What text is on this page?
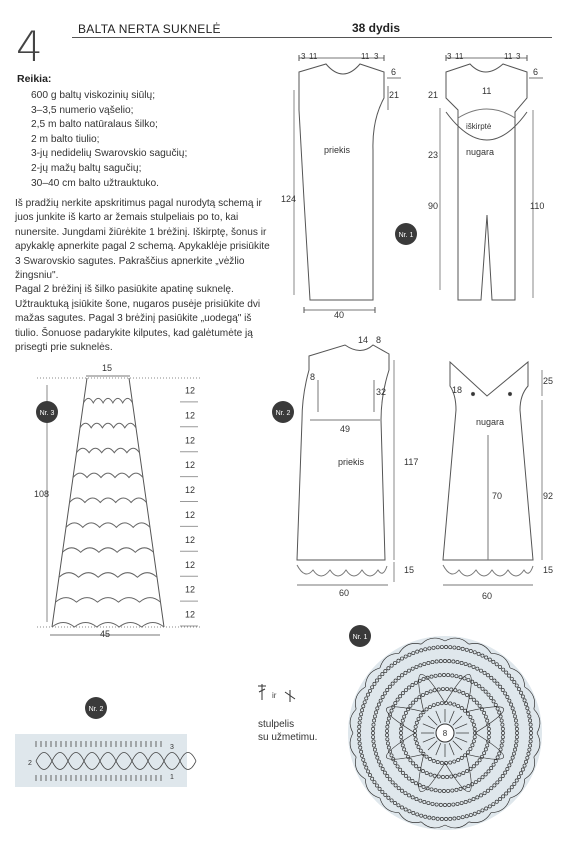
4	BALTA NERTA SUKNELĖ	38 dydis
Reikia:
600 g baltų viskozinių siūlų;
3–3,5 numerio vąšelio;
2,5 m balto natūralaus šilko;
2 m balto tiulio;
3-jų nedidelių Swarovskio sagučių;
2-jų mažų baltų sagučių;
30–40 cm balto užtrauktuko.

Iš pradžių nerkite apskritimus pagal nurodytą schemą ir juos junkite iš karto ar žemais stulpeliais po to, kai nunersite. Jungdami žiūrėkite 1 brėžinį. Iškirptę, šonus ir apykaklę apnerkite pagal 2 schemą. Apykaklėje prisiūkite 3 Swarovskio sagutes. Pakraščius apnerkite „vėžlio žingsniu".

Pagal 2 brėžinį iš šilko pasiūkite apatinę suknelę. Užtrauktuką įsiūkite šone, nugaros pusėje prisiūkite dvi mažas sagutes. Pagal 3 brėžinį pasiūkite „uodegą" iš tiulio. Šonuose padarykite kilputes, kad galėtumėte ją prisegti prie suknelės.

3 11	11 3
6
21
priekis
124
40
3 11	11 3
6
11
21
iškirptė
nugara
23
90	110
Nr. 1
14 8
8
32
49
priekis	117
15
60
Nr. 2
18
25
nugara
70	92
15
60
15
108
45
12
12
12
12
12
12
12
12
12
12
Nr. 3
2
3
1
Nr. 2
8
Nr. 1
ir
stulpelis
su užmetimu.
